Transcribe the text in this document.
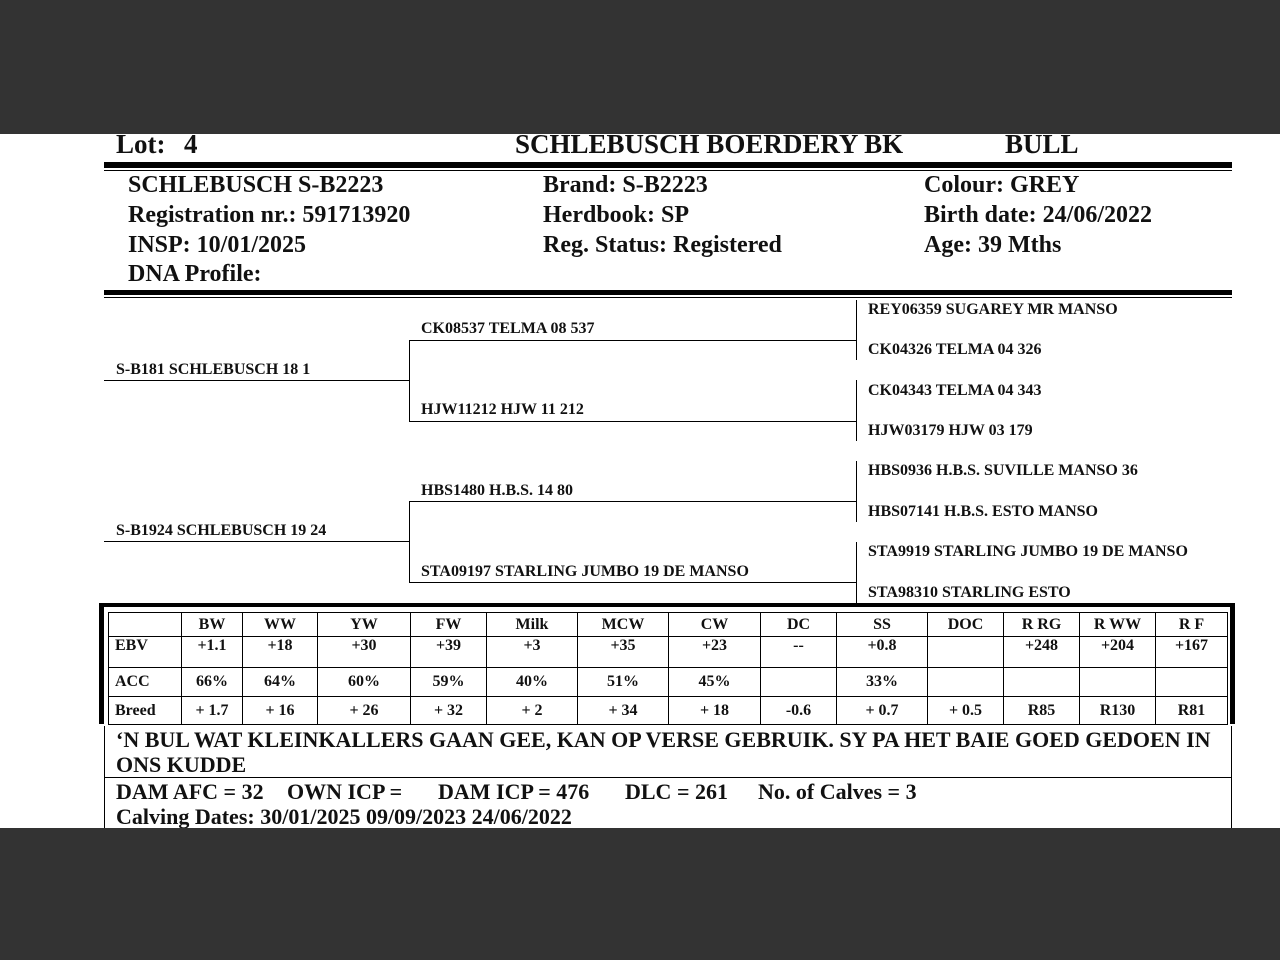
Lot: 4	SCHLEBUSCH BOERDERY BK	BULL
SCHLEBUSCH S-B2223
Registration nr.: 591713920
INSP: 10/01/2025
DNA Profile:
Brand: S-B2223
Herdbook: SP
Reg. Status: Registered
Colour: GREY
Birth date: 24/06/2022
Age: 39 Mths
S-B181 SCHLEBUSCH 18 1
S-B1924 SCHLEBUSCH 19 24
CK08537 TELMA 08 537
HJW11212 HJW 11 212
HBS1480 H.B.S. 14 80
STA09197 STARLING JUMBO 19 DE MANSO
REY06359 SUGAREY MR MANSO
CK04326 TELMA 04 326
CK04343 TELMA 04 343
HJW03179 HJW 03 179
HBS0936 H.B.S. SUVILLE MANSO 36
HBS07141 H.B.S. ESTO MANSO
STA9919 STARLING JUMBO 19 DE MANSO
STA98310 STARLING ESTO
	BW	WW	YW	FW	Milk	MCW	CW	DC	SS	DOC	R RG	R WW	R F
EBV	+1.1	+18	+30	+39	+3	+35	+23	--	+0.8		+248	+204	+167
ACC	66%	64%	60%	59%	40%	51%	45%		33%				
Breed	+ 1.7	+ 16	+ 26	+ 32	+ 2	+ 34	+ 18	-0.6	+ 0.7	+ 0.5	R85	R130	R81
‘N BUL WAT KLEINKALLERS GAAN GEE, KAN OP VERSE GEBRUIK. SY PA HET BAIE GOED GEDOEN IN
ONS KUDDE
DAM AFC = 32 OWN ICP = DAM ICP = 476 DLC = 261 No. of Calves = 3
Calving Dates: 30/01/2025 09/09/2023 24/06/2022
